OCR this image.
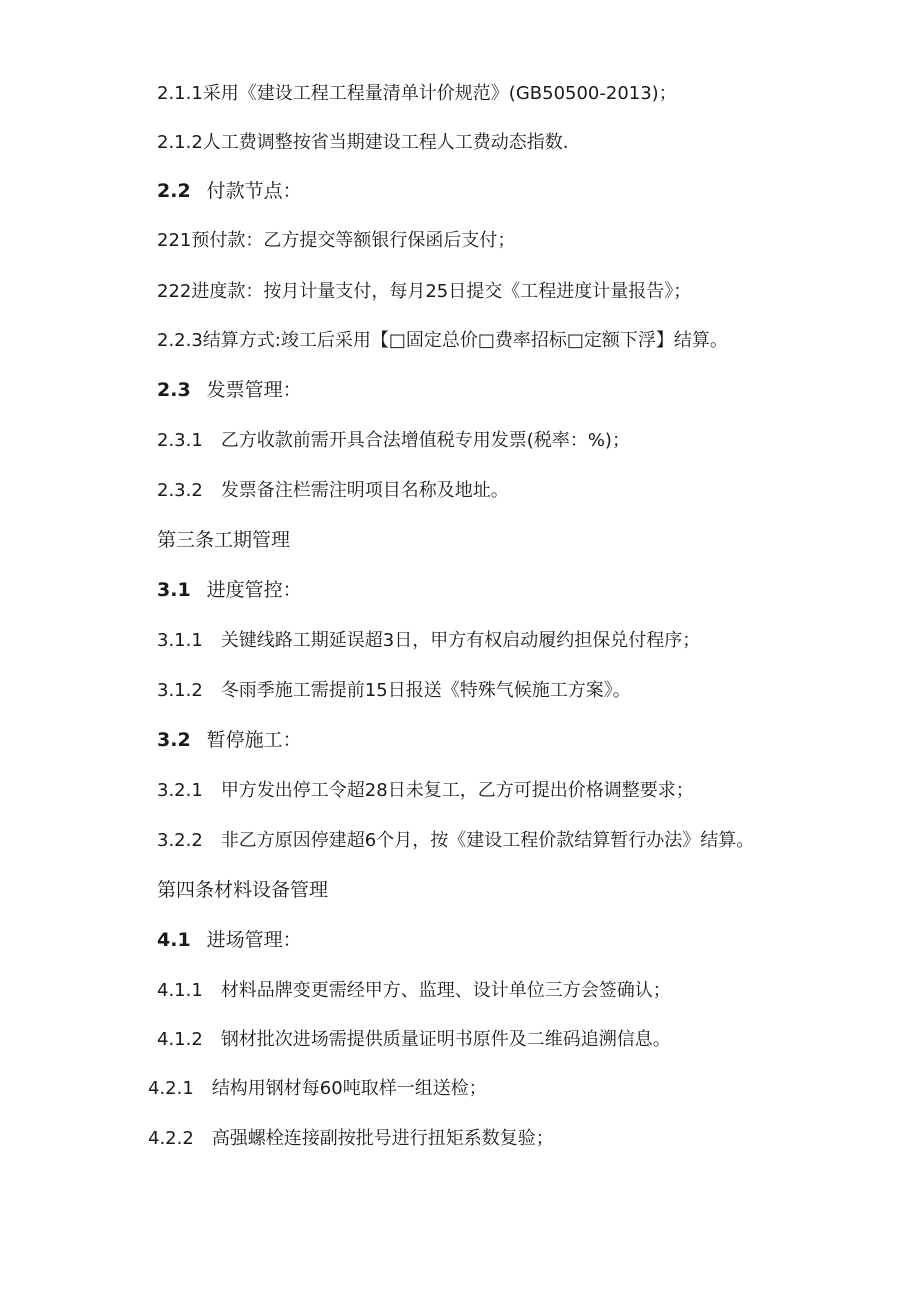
2.1.1采用《建设工程工程量清单计价规范》(GB50500-2013)；
2.1.2人工费调整按省当期建设工程人工费动态指数.
2.2 付款节点：
221预付款：乙方提交等额银行保函后支付；
222进度款：按月计量支付，每月25日提交《工程进度计量报告》；
2.2.3结算方式:竣工后采用【□固定总价□费率招标□定额下浮】结算。
2.3 发票管理：
2.3.1 乙方收款前需开具合法增值税专用发票(税率：%)；
2.3.2 发票备注栏需注明项目名称及地址。
第三条工期管理
3.1 进度管控：
3.1.1 关键线路工期延误超3日，甲方有权启动履约担保兑付程序；
3.1.2 冬雨季施工需提前15日报送《特殊气候施工方案》。
3.2 暂停施工：
3.2.1 甲方发出停工令超28日未复工，乙方可提出价格调整要求；
3.2.2 非乙方原因停建超6个月，按《建设工程价款结算暂行办法》结算。
第四条材料设备管理
4.1 进场管理：
4.1.1 材料品牌变更需经甲方、监理、设计单位三方会签确认；
4.1.2 钢材批次进场需提供质量证明书原件及二维码追溯信息。
4.2.1 结构用钢材每60吨取样一组送检；
4.2.2 高强螺栓连接副按批号进行扭矩系数复验；
